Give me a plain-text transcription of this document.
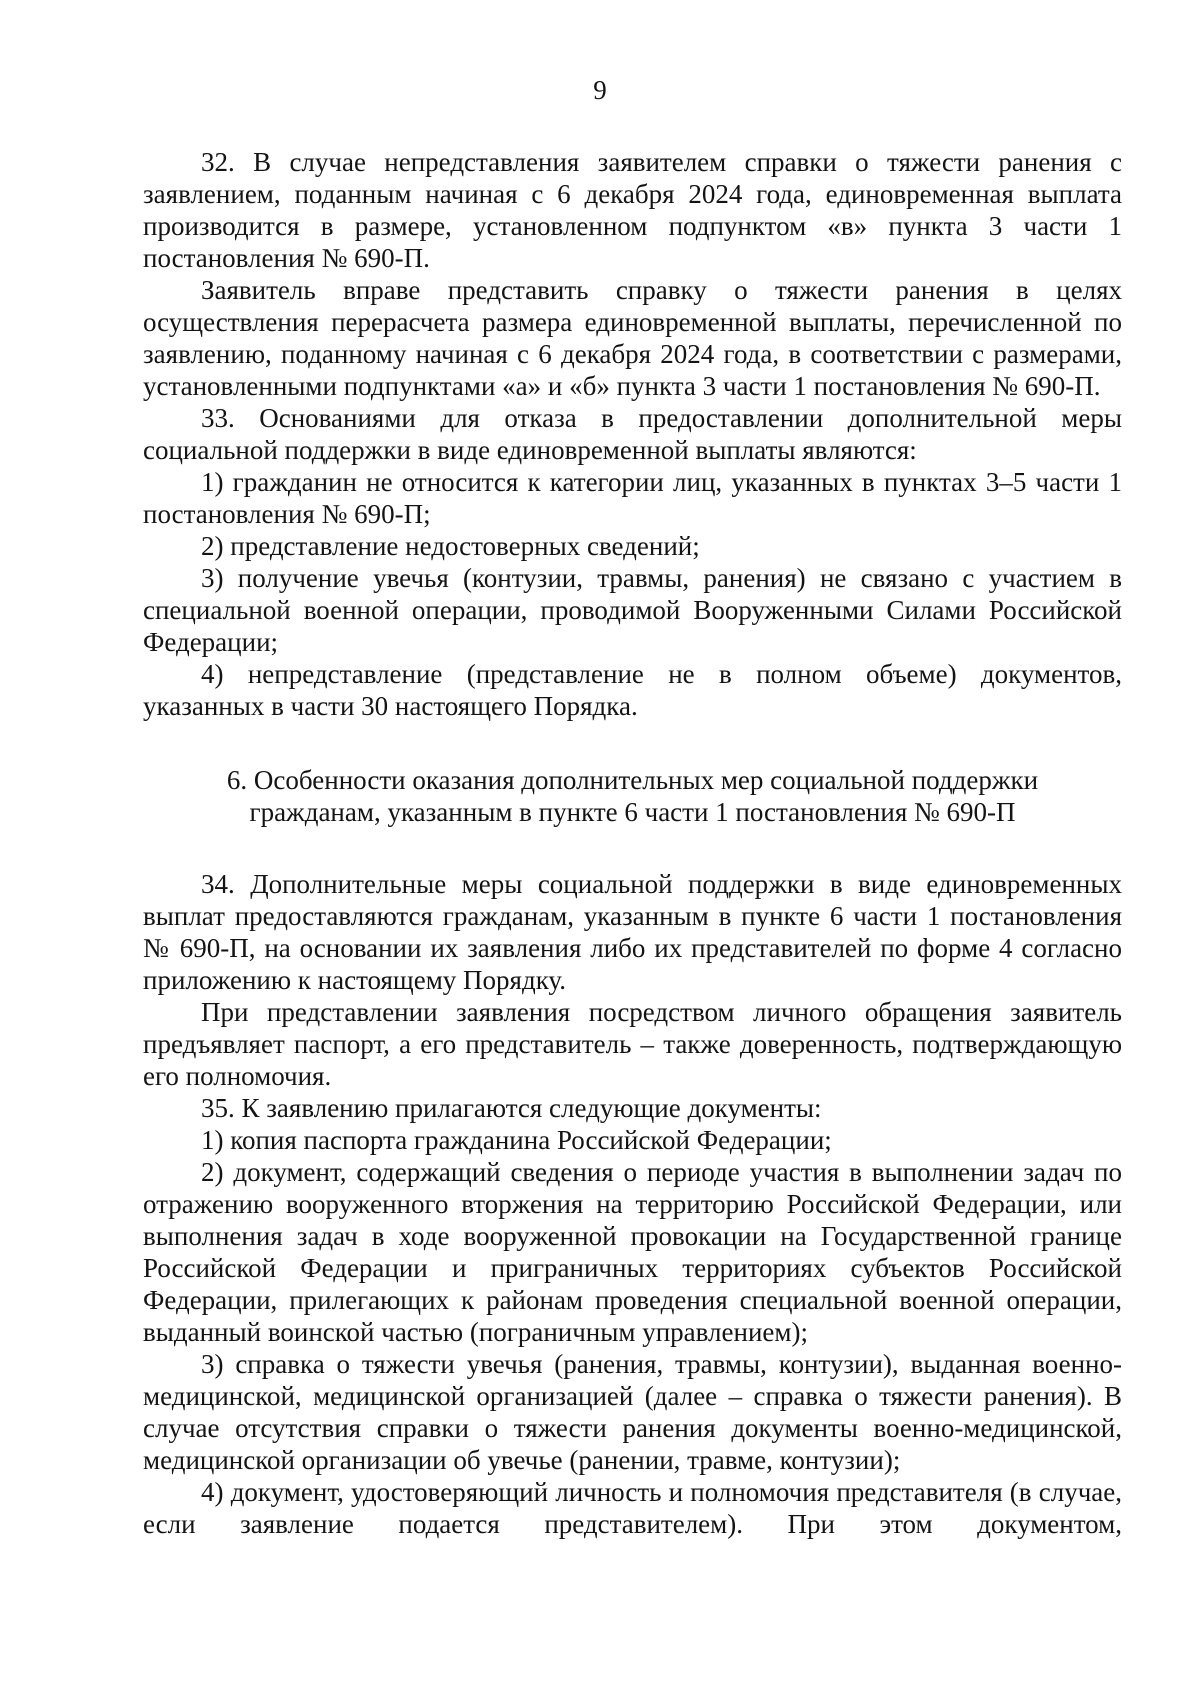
9

32. В случае непредставления заявителем справки о тяжести ранения с заявлением, поданным начиная с 6 декабря 2024 года, единовременная выплата производится в размере, установленном подпунктом «в» пункта 3 части 1 постановления № 690-П.

Заявитель вправе представить справку о тяжести ранения в целях осуществления перерасчета размера единовременной выплаты, перечисленной по заявлению, поданному начиная с 6 декабря 2024 года, в соответствии с размерами, установленными подпунктами «а» и «б» пункта 3 части 1 постановления № 690-П.

33. Основаниями для отказа в предоставлении дополнительной меры социальной поддержки в виде единовременной выплаты являются:

1) гражданин не относится к категории лиц, указанных в пунктах 3–5 части 1 постановления № 690-П;

2) представление недостоверных сведений;

3) получение увечья (контузии, травмы, ранения) не связано с участием в специальной военной операции, проводимой Вооруженными Силами Российской Федерации;

4) непредставление (представление не в полном объеме) документов, указанных в части 30 настоящего Порядка.

6. Особенности оказания дополнительных мер социальной поддержки
гражданам, указанным в пункте 6 части 1 постановления № 690-П

34. Дополнительные меры социальной поддержки в виде единовременных выплат предоставляются гражданам, указанным в пункте 6 части 1 постановления № 690-П, на основании их заявления либо их представителей по форме 4 согласно приложению к настоящему Порядку.

При представлении заявления посредством личного обращения заявитель предъявляет паспорт, а его представитель – также доверенность, подтверждающую его полномочия.

35. К заявлению прилагаются следующие документы:

1) копия паспорта гражданина Российской Федерации;

2) документ, содержащий сведения о периоде участия в выполнении задач по отражению вооруженного вторжения на территорию Российской Федерации, или выполнения задач в ходе вооруженной провокации на Государственной границе Российской Федерации и приграничных территориях субъектов Российской Федерации, прилегающих к районам проведения специальной военной операции, выданный воинской частью (пограничным управлением);

3) справка о тяжести увечья (ранения, травмы, контузии), выданная военно-медицинской, медицинской организацией (далее – справка о тяжести ранения). В случае отсутствия справки о тяжести ранения документы военно-медицинской, медицинской организации об увечье (ранении, травме, контузии);

4) документ, удостоверяющий личность и полномочия представителя (в случае, если заявление подается представителем). При этом документом,
